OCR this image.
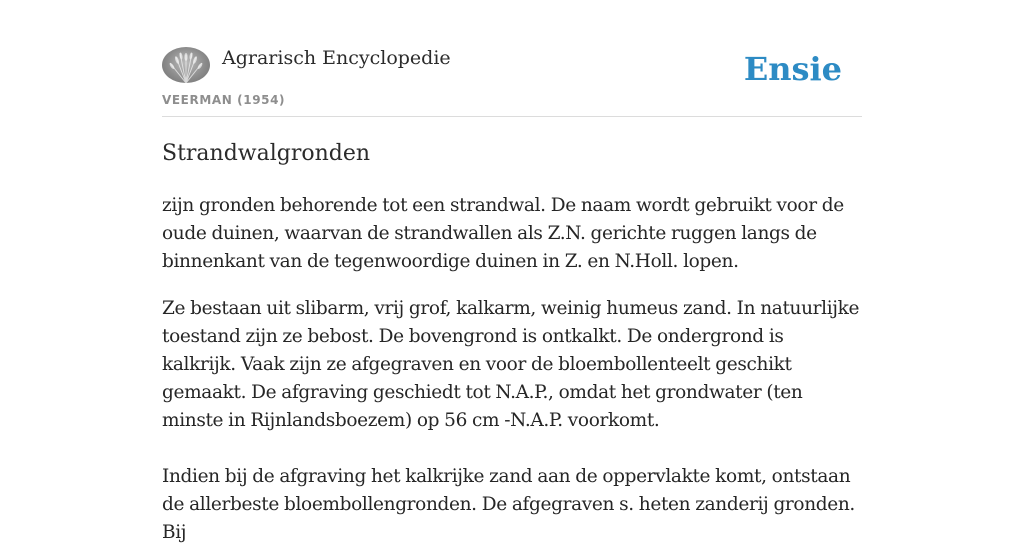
Agrarisch Encyclopedie
VEERMAN (1954)
Ensie
Strandwalgronden

zijn gronden behorende tot een strandwal. De naam wordt gebruikt voor de oude duinen, waarvan de strandwallen als Z.N. gerichte ruggen langs de binnenkant van de tegenwoordige duinen in Z. en N.Holl. lopen.

Ze bestaan uit slibarm, vrij grof, kalkarm, weinig humeus zand. In natuurlijke toestand zijn ze bebost. De bovengrond is ontkalkt. De ondergrond is kalkrijk. Vaak zijn ze afgegraven en voor de bloembollenteelt geschikt gemaakt. De afgraving geschiedt tot N.A.P., omdat het grondwater (ten minste in Rijnlandsboezem) op 56 cm -N.A.P. voorkomt.

Indien bij de afgraving het kalkrijke zand aan de oppervlakte komt, ontstaan de allerbeste bloembollengronden. De afgegraven s. heten zanderij gronden. Bij
